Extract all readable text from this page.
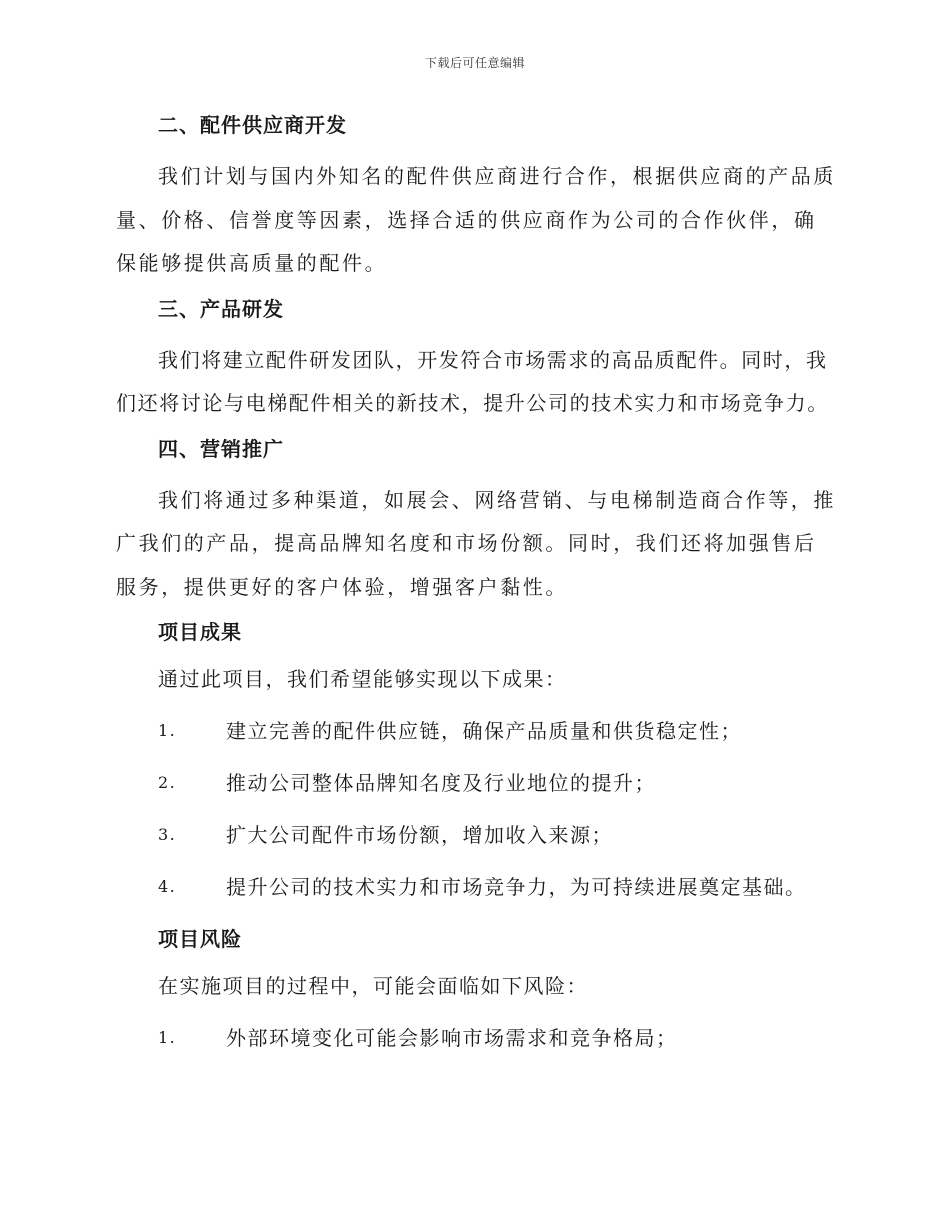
下载后可任意编辑
二、配件供应商开发

我们计划与国内外知名的配件供应商进行合作，根据供应商的产品质量、价格、信誉度等因素，选择合适的供应商作为公司的合作伙伴，确保能够提供高质量的配件。

三、产品研发

我们将建立配件研发团队，开发符合市场需求的高品质配件。同时，我们还将讨论与电梯配件相关的新技术，提升公司的技术实力和市场竞争力。

四、营销推广

我们将通过多种渠道，如展会、网络营销、与电梯制造商合作等，推广我们的产品，提高品牌知名度和市场份额。同时，我们还将加强售后服务，提供更好的客户体验，增强客户黏性。

项目成果
通过此项目，我们希望能够实现以下成果：
1.	建立完善的配件供应链，确保产品质量和供货稳定性；
2.	推动公司整体品牌知名度及行业地位的提升；
3.	扩大公司配件市场份额，增加收入来源；
4.	提升公司的技术实力和市场竞争力，为可持续进展奠定基础。
项目风险
在实施项目的过程中，可能会面临如下风险：
1.	外部环境变化可能会影响市场需求和竞争格局；
